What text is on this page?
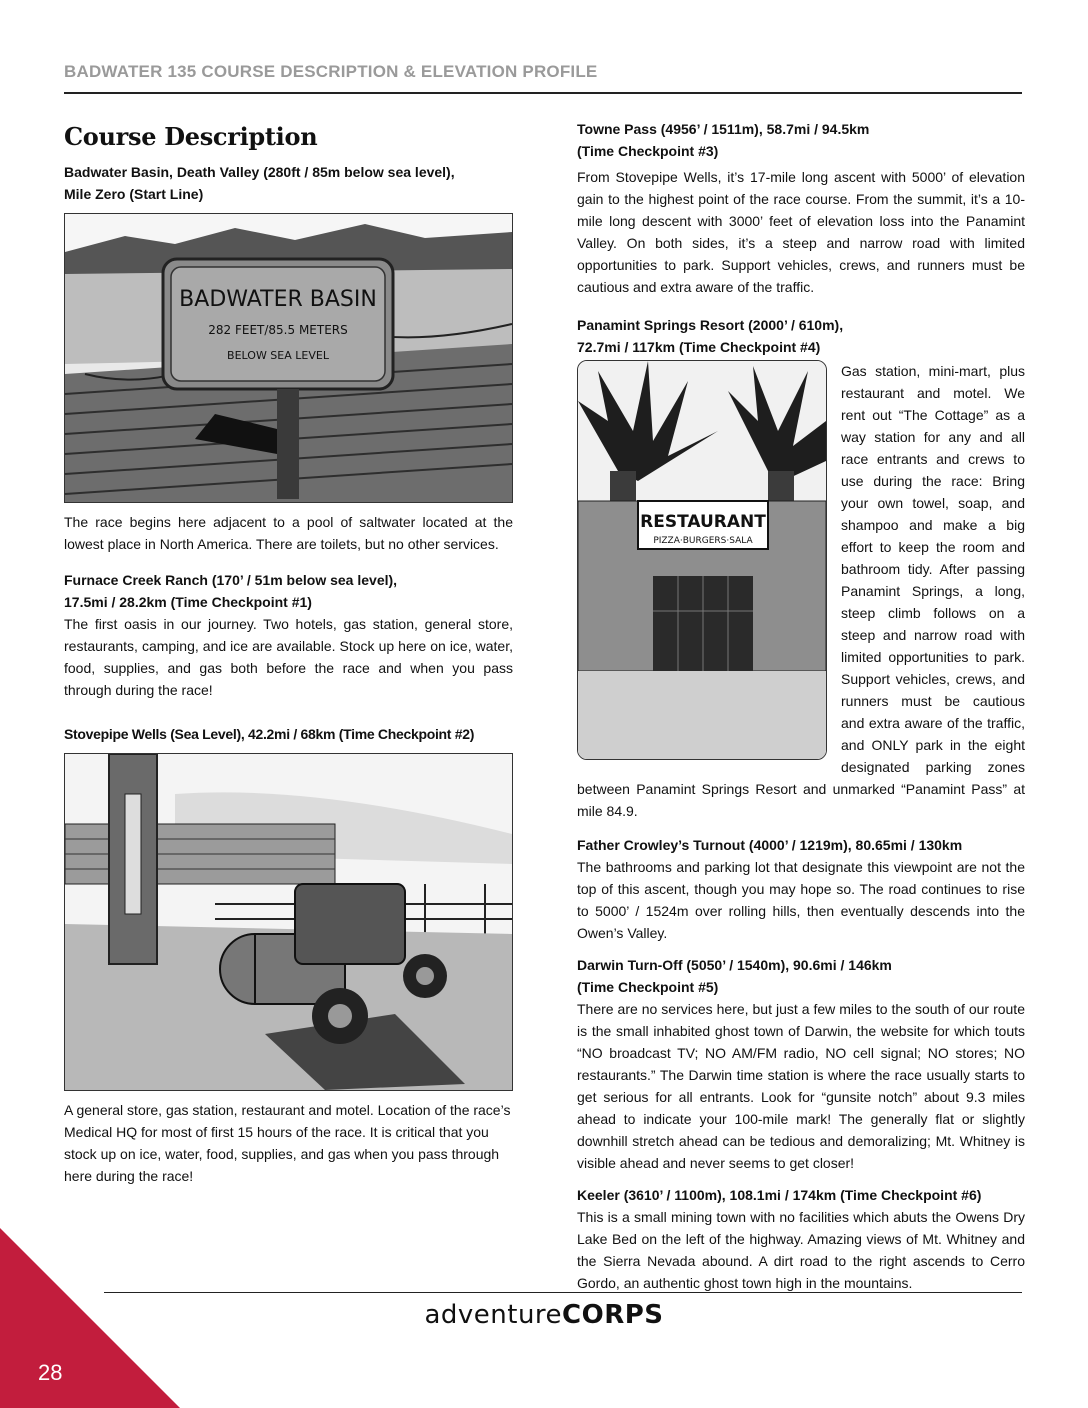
BADWATER 135 COURSE DESCRIPTION & ELEVATION PROFILE
Course Description

Badwater Basin, Death Valley (280ft / 85m below sea level),
Mile Zero (Start Line)

BADWATER BASIN
282 FEET/85.5 METERS
BELOW SEA LEVEL

The race begins here adjacent to a pool of saltwater located at the lowest place in North America. There are toilets, but no other services.

Furnace Creek Ranch (170’ / 51m below sea level),
17.5mi / 28.2km (Time Checkpoint #1)

The first oasis in our journey. Two hotels, gas station, general store, restaurants, camping, and ice are available. Stock up here on ice, water, food, supplies, and gas both before the race and when you pass through during the race!

Stovepipe Wells (Sea Level), 42.2mi / 68km (Time Checkpoint #2)

A general store, gas station, restaurant and motel. Location of the race’s Medical HQ for most of first 15 hours of the race. It is critical that you stock up on ice, water, food, supplies, and gas when you pass through here during the race!

Towne Pass (4956’ / 1511m), 58.7mi / 94.5km
(Time Checkpoint #3)

From Stovepipe Wells, it’s 17-mile long ascent with 5000’ of elevation gain to the highest point of the race course. From the summit, it’s a 10-mile long descent with 3000’ feet of elevation loss into the Panamint Valley. On both sides, it’s a steep and narrow road with limited opportunities to park. Support vehicles, crews, and runners must be cautious and extra aware of the traffic.

Panamint Springs Resort (2000’ / 610m),
72.7mi / 117km (Time Checkpoint #4)

RESTAURANT
PIZZA·BURGERS·SALA

Gas station, mini-mart, plus restaurant and motel. We rent out “The Cottage” as a way station for any and all race entrants and crews to use during the race: Bring your own towel, soap, and shampoo and make a big effort to keep the room and bathroom tidy. After passing Panamint Springs, a long, steep climb follows on a steep and narrow road with limited opportunities to park. Support vehicles, crews, and runners must be cautious and extra aware of the traffic, and ONLY park in the eight designated parking zones between Panamint Springs Resort and unmarked “Panamint Pass” at mile 84.9.

Father Crowley’s Turnout (4000’ / 1219m), 80.65mi / 130km

The bathrooms and parking lot that designate this viewpoint are not the top of this ascent, though you may hope so. The road continues to rise to 5000’ / 1524m over rolling hills, then eventually descends into the Owen’s Valley.

Darwin Turn-Off (5050’ / 1540m), 90.6mi / 146km
(Time Checkpoint #5)

There are no services here, but just a few miles to the south of our route is the small inhabited ghost town of Darwin, the website for which touts “NO broadcast TV; NO AM/FM radio, NO cell signal; NO stores; NO restaurants.” The Darwin time station is where the race usually starts to get serious for all entrants. Look for “gunsite notch” about 9.3 miles ahead to indicate your 100-mile mark! The generally flat or slightly downhill stretch ahead can be tedious and demoralizing; Mt. Whitney is visible ahead and never seems to get closer!

Keeler (3610’ / 1100m), 108.1mi / 174km (Time Checkpoint #6)

This is a small mining town with no facilities which abuts the Owens Dry Lake Bed on the left of the highway. Amazing views of Mt. Whitney and the Sierra Nevada abound. A dirt road to the right ascends to Cerro Gordo, an authentic ghost town high in the mountains.

adventureCORPS
28
